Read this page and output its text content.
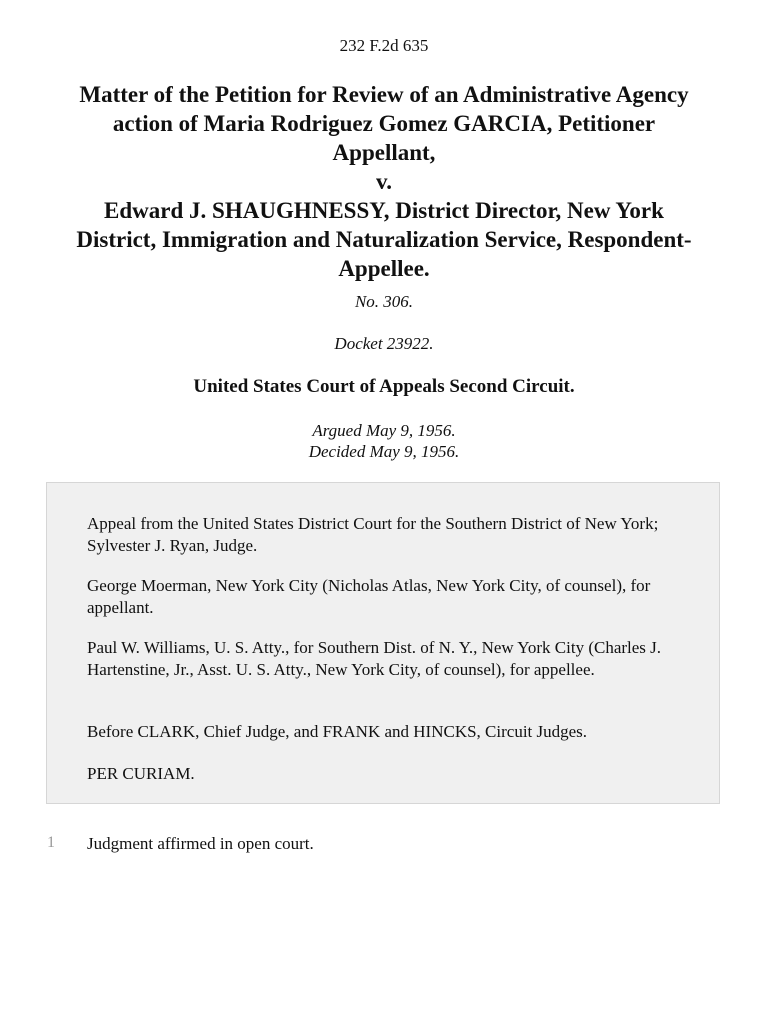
232 F.2d 635
Matter of the Petition for Review of an Administrative Agency
action of Maria Rodriguez Gomez GARCIA, Petitioner
Appellant,
v.
Edward J. SHAUGHNESSY, District Director, New York
District, Immigration and Naturalization Service, Respondent-
Appellee.
No. 306.
Docket 23922.
United States Court of Appeals Second Circuit.
Argued May 9, 1956.
Decided May 9, 1956.

Appeal from the United States District Court for the Southern District of New York; Sylvester J. Ryan, Judge.

George Moerman, New York City (Nicholas Atlas, New York City, of counsel), for appellant.

Paul W. Williams, U. S. Atty., for Southern Dist. of N. Y., New York City (Charles J. Hartenstine, Jr., Asst. U. S. Atty., New York City, of counsel), for appellee.

Before CLARK, Chief Judge, and FRANK and HINCKS, Circuit Judges.

PER CURIAM.

1 Judgment affirmed in open court.
